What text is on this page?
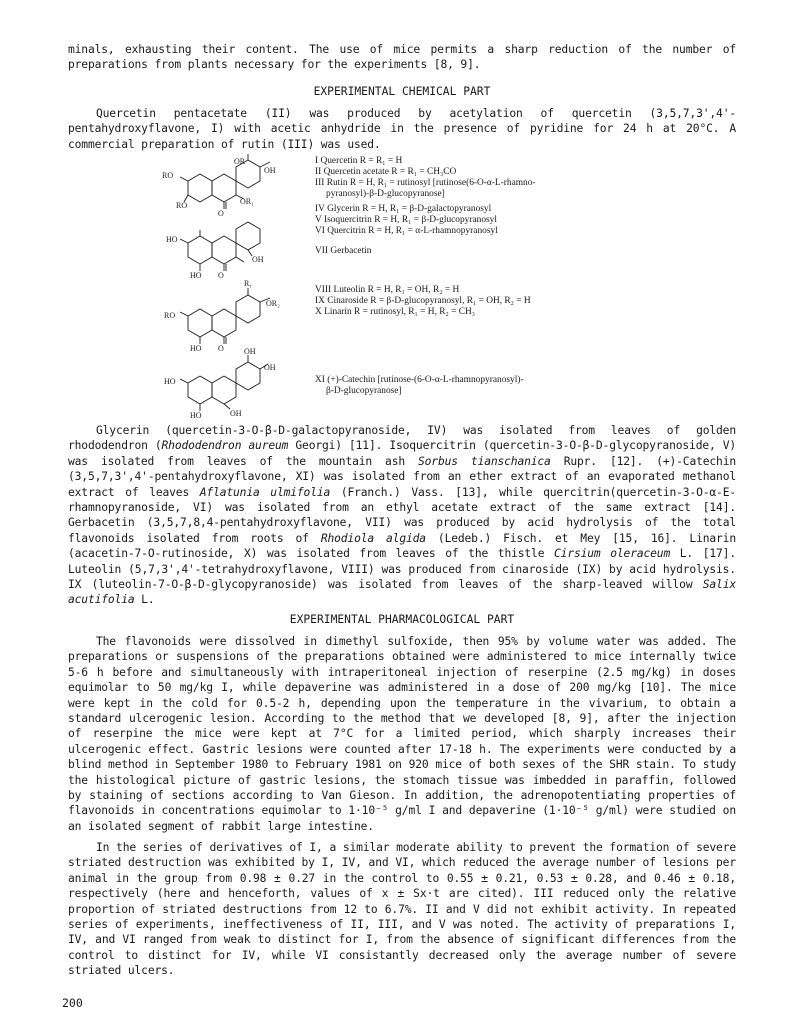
minals, exhausting their content. The use of mice permits a sharp reduction of the number of preparations from plants necessary for the experiments [8, 9].

EXPERIMENTAL CHEMICAL PART

Quercetin pentacetate (II) was produced by acetylation of quercetin (3,5,7,3',4'-pentahydroxyflavone, I) with acetic anhydride in the presence of pyridine for 24 h at 20°C. A commercial preparation of rutin (III) was used.

OR
OH
RO
RO
O
OR₁
HO
OH
HO O
R₁
OR₂
RO
HO O	OH
OH
HO
HO	OH
I Quercetin R = R₁ = H
II Quercetin acetate R = R₁ = CH₃CO
III Rutin R = H, R₁ = rutinosyl [rutinose(6-O-α-L-rhamno-
pyranosyl)-β-D-glucopyranose]
IV Glycerin R = H, R₁ = β-D-galactopyranosyl
V Isoquercitrin R = H, R₁ = β-D-glucopyranosyl
VI Quercitrin R = H, R₁ = α-L-rhamnopyranosyl
VII Gerbacetin
VIII Luteolin R = H, R₁ = OH, R₂ = H
IX Cinaroside R = β-D-glucopyranosyl, R₁ = OH, R₂ = H
X Linarin R = rutinosyl, R₁ = H, R₂ = CH₃
XI (+)-Catechin [rutinose-(6-O-α-L-rhamnopyranosyl)-
β-D-glucopyranose]

Glycerin (quercetin-3-O-β-D-galactopyranoside, IV) was isolated from leaves of golden rhododendron (Rhododendron aureum Georgi) [11]. Isoquercitrin (quercetin-3-O-β-D-glycopyranoside, V) was isolated from leaves of the mountain ash Sorbus tianschanica Rupr. [12]. (+)-Catechin (3,5,7,3',4'-pentahydroxyflavone, XI) was isolated from an ether extract of an evaporated methanol extract of leaves Aflatunia ulmifolia (Franch.) Vass. [13], while quercitrin(quercetin-3-O-α-E-rhamnopyranoside, VI) was isolated from an ethyl acetate extract of the same extract [14]. Gerbacetin (3,5,7,8,4-pentahydroxyflavone, VII) was produced by acid hydrolysis of the total flavonoids isolated from roots of Rhodiola algida (Ledeb.) Fisch. et Mey [15, 16]. Linarin (acacetin-7-O-rutinoside, X) was isolated from leaves of the thistle Cirsium oleraceum L. [17]. Luteolin (5,7,3',4'-tetrahydroxyflavone, VIII) was produced from cinaroside (IX) by acid hydrolysis. IX (luteolin-7-O-β-D-glycopyranoside) was isolated from leaves of the sharp-leaved willow Salix acutifolia L.

EXPERIMENTAL PHARMACOLOGICAL PART

The flavonoids were dissolved in dimethyl sulfoxide, then 95% by volume water was added. The preparations or suspensions of the preparations obtained were administered to mice internally twice 5-6 h before and simultaneously with intraperitoneal injection of reserpine (2.5 mg/kg) in doses equimolar to 50 mg/kg I, while depaverine was administered in a dose of 200 mg/kg [10]. The mice were kept in the cold for 0.5-2 h, depending upon the temperature in the vivarium, to obtain a standard ulcerogenic lesion. According to the method that we developed [8, 9], after the injection of reserpine the mice were kept at 7°C for a limited period, which sharply increases their ulcerogenic effect. Gastric lesions were counted after 17-18 h. The experiments were conducted by a blind method in September 1980 to February 1981 on 920 mice of both sexes of the SHR stain. To study the histological picture of gastric lesions, the stomach tissue was imbedded in paraffin, followed by staining of sections according to Van Gieson. In addition, the adrenopotentiating properties of flavonoids in concentrations equimolar to 1·10⁻⁵ g/ml I and depaverine (1·10⁻⁵ g/ml) were studied on an isolated segment of rabbit large intestine.

In the series of derivatives of I, a similar moderate ability to prevent the formation of severe striated destruction was exhibited by I, IV, and VI, which reduced the average number of lesions per animal in the group from 0.98 ± 0.27 in the control to 0.55 ± 0.21, 0.53 ± 0.28, and 0.46 ± 0.18, respectively (here and henceforth, values of x ± Sx·t are cited). III reduced only the relative proportion of striated destructions from 12 to 6.7%. II and V did not exhibit activity. In repeated series of experiments, ineffectiveness of II, III, and V was noted. The activity of preparations I, IV, and VI ranged from weak to distinct for I, from the absence of significant differences from the control to distinct for IV, while VI consistantly decreased only the average number of severe striated ulcers.

200
